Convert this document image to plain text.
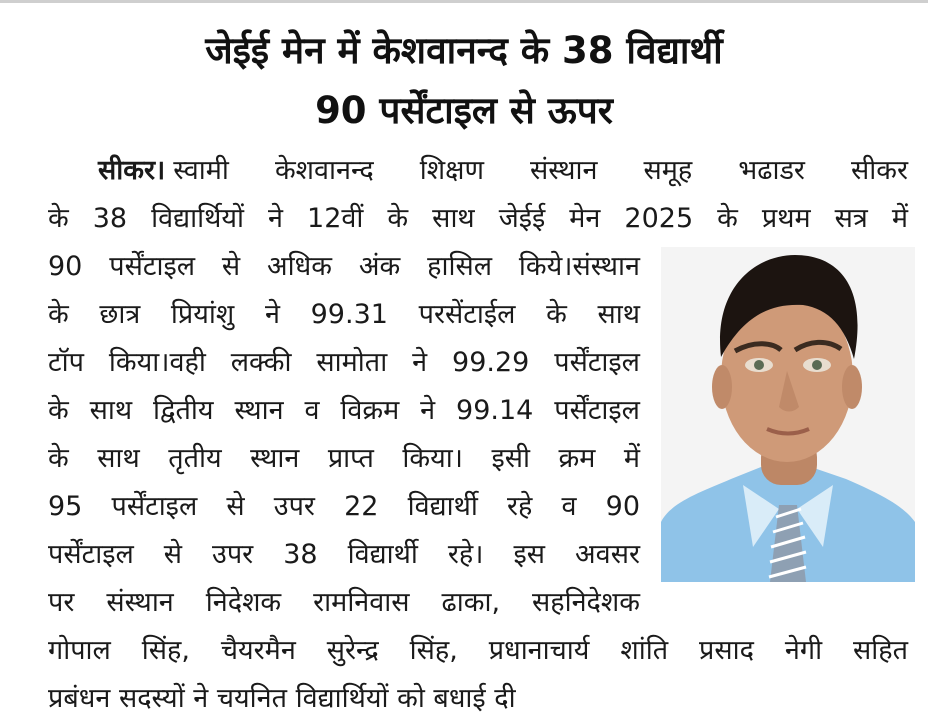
जेईई मेन में केशवानन्द के 38 विद्यार्थी
90 पर्सेंटाइल से ऊपर
सीकर। स्वामी केशवानन्द शिक्षण संस्थान समूह भढाडर सीकर
के 38 विद्यार्थियों ने 12वीं के साथ जेईई मेन 2025 के प्रथम सत्र में
90 पर्सेंटाइल से अधिक अंक हासिल किये।संस्थान
के छात्र प्रियांशु ने 99.31 परसेंटाईल के साथ
टॉप किया।वही लक्की सामोता ने 99.29 पर्सेंटाइल
के साथ द्वितीय स्थान व विक्रम ने 99.14 पर्सेंटाइल
के साथ तृतीय स्थान प्राप्त किया। इसी क्रम में
95 पर्सेंटाइल से उपर 22 विद्यार्थी रहे व 90
पर्सेंटाइल से उपर 38 विद्यार्थी रहे। इस अवसर
पर संस्थान निदेशक रामनिवास ढाका, सहनिदेशक
गोपाल सिंह, चैयरमैन सुरेन्द्र सिंह, प्रधानाचार्य शांति प्रसाद नेगी सहित
प्रबंधन सदस्यों ने चयनित विद्यार्थियों को बधाई दी
